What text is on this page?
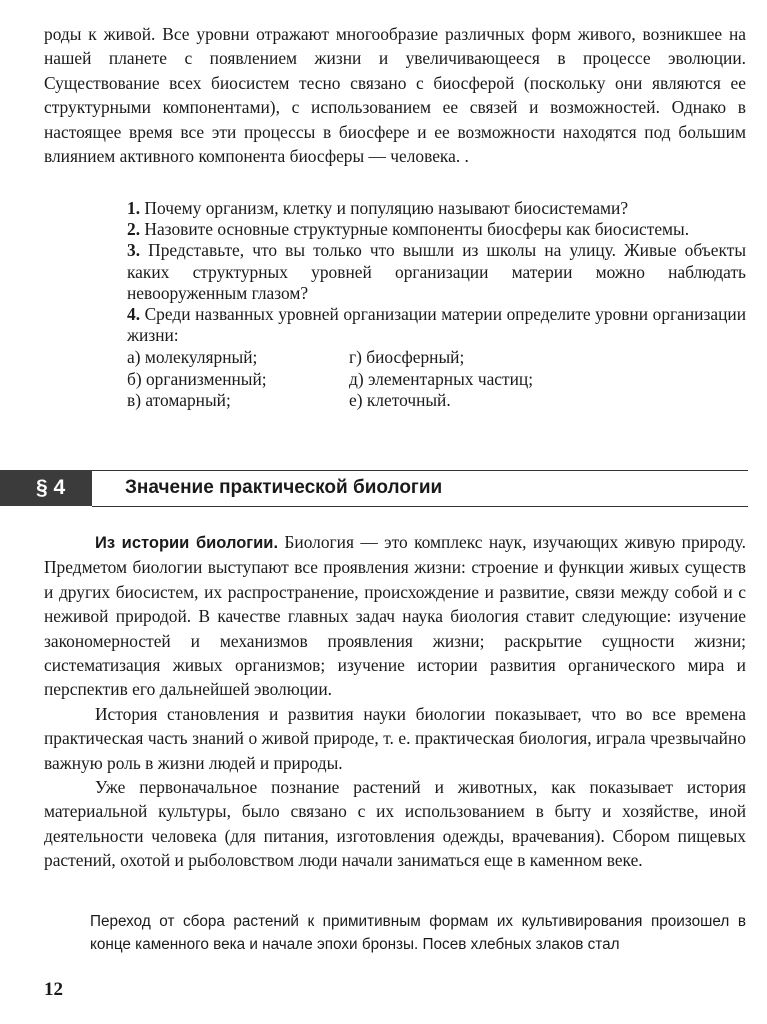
роды к живой. Все уровни отражают многообразие различных форм живого, возникшее на нашей планете с появлением жизни и увеличивающееся в процессе эволюции. Существование всех биосистем тесно связано с биосферой (поскольку они являются ее структурными компонентами), с использованием ее связей и возможностей. Однако в настоящее время все эти процессы в биосфере и ее возможности находятся под большим влиянием активного компонента биосферы — человека. .

1. Почему организм, клетку и популяцию называют биосистемами?

2. Назовите основные структурные компоненты биосферы как биосистемы.

3. Представьте, что вы только что вышли из школы на улицу. Живые объекты каких структурных уровней организации материи можно наблюдать невооруженным глазом?

4. Среди названных уровней организации материи определите уровни организации жизни:

а) молекулярный;	г) биосферный;
б) организменный;	д) элементарных частиц;
в) атомарный;	е) клеточный.
§ 4	Значение практической биологии

Из истории биологии. Биология — это комплекс наук, изучающих живую природу. Предметом биологии выступают все проявления жизни: строение и функции живых существ и других биосистем, их распространение, происхождение и развитие, связи между собой и с неживой природой. В качестве главных задач наука биология ставит следующие: изучение закономерностей и механизмов проявления жизни; раскрытие сущности жизни; систематизация живых организмов; изучение истории развития органического мира и перспектив его дальнейшей эволюции.

История становления и развития науки биологии показывает, что во все времена практическая часть знаний о живой природе, т. е. практическая биология, играла чрезвычайно важную роль в жизни людей и природы.

Уже первоначальное познание растений и животных, как показывает история материальной культуры, было связано с их использованием в быту и хозяйстве, иной деятельности человека (для питания, изготовления одежды, врачевания). Сбором пищевых растений, охотой и рыболовством люди начали заниматься еще в каменном веке.

Переход от сбора растений к примитивным формам их культивирования произошел в конце каменного века и начале эпохи бронзы. Посев хлебных злаков стал

12
